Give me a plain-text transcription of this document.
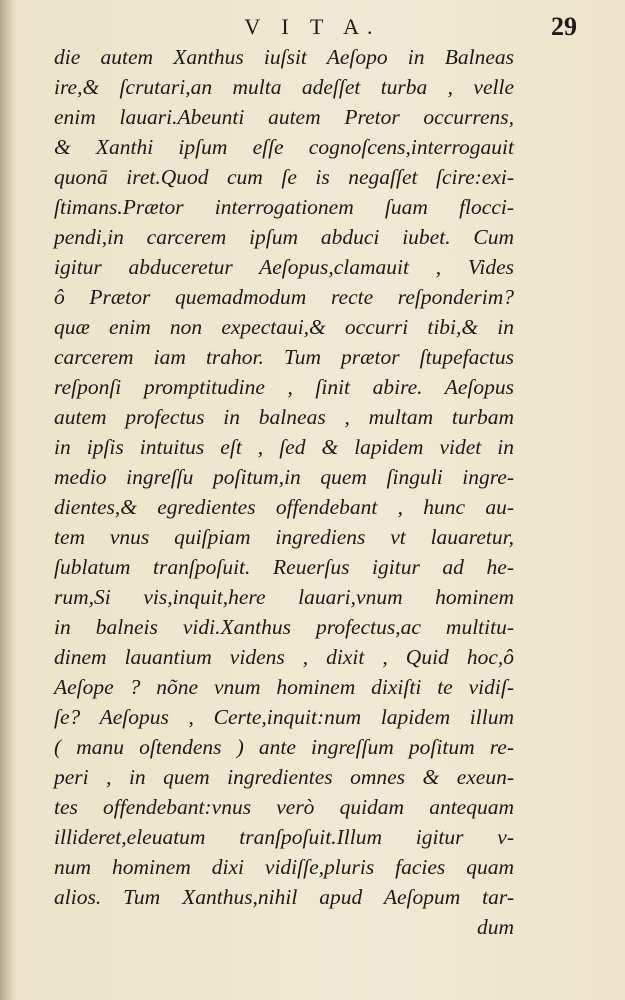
V I T A.	29
die autem Xanthus iuſsit Aeſopo in Balneas
ire,& ſcrutari,an multa adeſſet turba , velle
enim lauari.Abeunti autem Pretor occurrens,
& Xanthi ipſum eſſe cognoſcens,interrogauit
quonā iret.Quod cum ſe is negaſſet ſcire:exi-
ſtimans.Prætor interrogationem ſuam flocci-
pendi,in carcerem ipſum abduci iubet. Cum
igitur abduceretur Aeſopus,clamauit , Vides
ô Prætor quemadmodum recte reſponderim?
quæ enim non expectaui,& occurri tibi,& in
carcerem iam trahor. Tum prætor ſtupefactus
reſponſi promptitudine , ſinit abire. Aeſopus
autem profectus in balneas , multam turbam
in ipſis intuitus eſt , ſed & lapidem videt in
medio ingreſſu poſitum,in quem ſinguli ingre-
dientes,& egredientes offendebant , hunc au-
tem vnus quiſpiam ingrediens vt lauaretur,
ſublatum tranſpoſuit. Reuerſus igitur ad he-
rum,Si vis,inquit,here lauari,vnum hominem
in balneis vidi.Xanthus profectus,ac multitu-
dinem lauantium videns , dixit , Quid hoc,ô
Aeſope ? nõne vnum hominem dixiſti te vidiſ-
ſe? Aeſopus , Certe,inquit:num lapidem illum
( manu oſtendens ) ante ingreſſum poſitum re-
peri , in quem ingredientes omnes & exeun-
tes offendebant:vnus verò quidam antequam
illideret,eleuatum tranſpoſuit.Illum igitur v-
num hominem dixi vidiſſe,pluris facies quam
alios. Tum Xanthus,nihil apud Aeſopum tar-
dum
